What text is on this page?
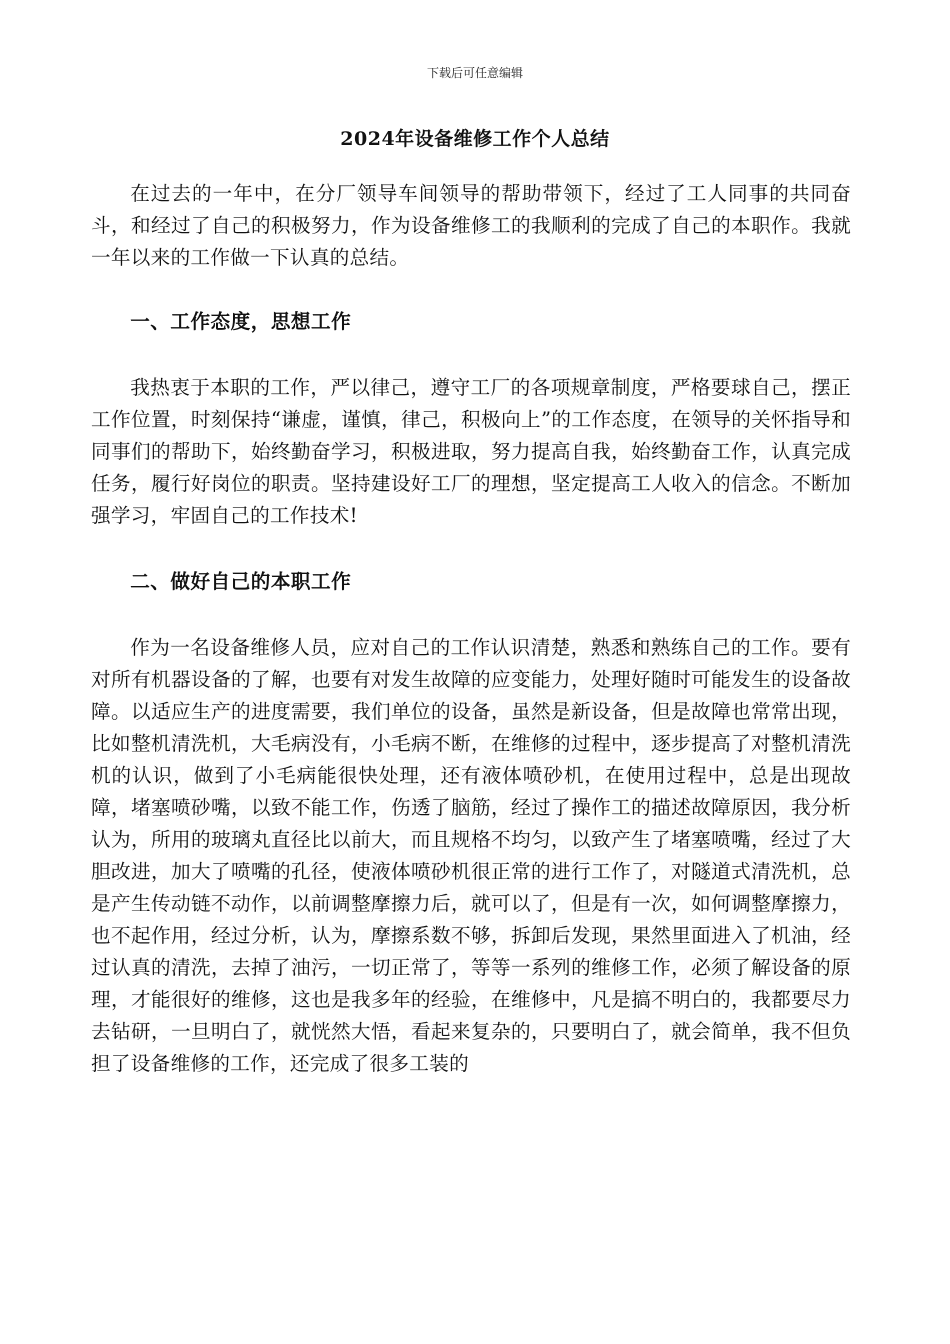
下载后可任意编辑
2024年设备维修工作个人总结

在过去的一年中，在分厂领导车间领导的帮助带领下，经过了工人同事的共同奋斗，和经过了自己的积极努力，作为设备维修工的我顺利的完成了自己的本职作。我就一年以来的工作做一下认真的总结。

一、工作态度，思想工作

我热衷于本职的工作，严以律己，遵守工厂的各项规章制度，严格要球自己，摆正工作位置，时刻保持“谦虚，谨慎，律己，积极向上”的工作态度，在领导的关怀指导和同事们的帮助下，始终勤奋学习，积极进取，努力提高自我，始终勤奋工作，认真完成任务，履行好岗位的职责。坚持建设好工厂的理想，坚定提高工人收入的信念。不断加强学习，牢固自己的工作技术!

二、做好自己的本职工作

作为一名设备维修人员，应对自己的工作认识清楚，熟悉和熟练自己的工作。要有对所有机器设备的了解，也要有对发生故障的应变能力，处理好随时可能发生的设备故障。以适应生产的进度需要，我们单位的设备，虽然是新设备，但是故障也常常出现，比如整机清洗机，大毛病没有，小毛病不断，在维修的过程中，逐步提高了对整机清洗机的认识，做到了小毛病能很快处理，还有液体喷砂机，在使用过程中，总是出现故障，堵塞喷砂嘴，以致不能工作，伤透了脑筋，经过了操作工的描述故障原因，我分析认为，所用的玻璃丸直径比以前大，而且规格不均匀，以致产生了堵塞喷嘴，经过了大胆改进，加大了喷嘴的孔径，使液体喷砂机很正常的进行工作了，对隧道式清洗机，总是产生传动链不动作，以前调整摩擦力后，就可以了，但是有一次，如何调整摩擦力，也不起作用，经过分析，认为，摩擦系数不够，拆卸后发现，果然里面进入了机油，经过认真的清洗，去掉了油污，一切正常了，等等一系列的维修工作，必须了解设备的原理，才能很好的维修，这也是我多年的经验，在维修中，凡是搞不明白的，我都要尽力去钻研，一旦明白了，就恍然大悟，看起来复杂的，只要明白了，就会简单，我不但负担了设备维修的工作，还完成了很多工装的
